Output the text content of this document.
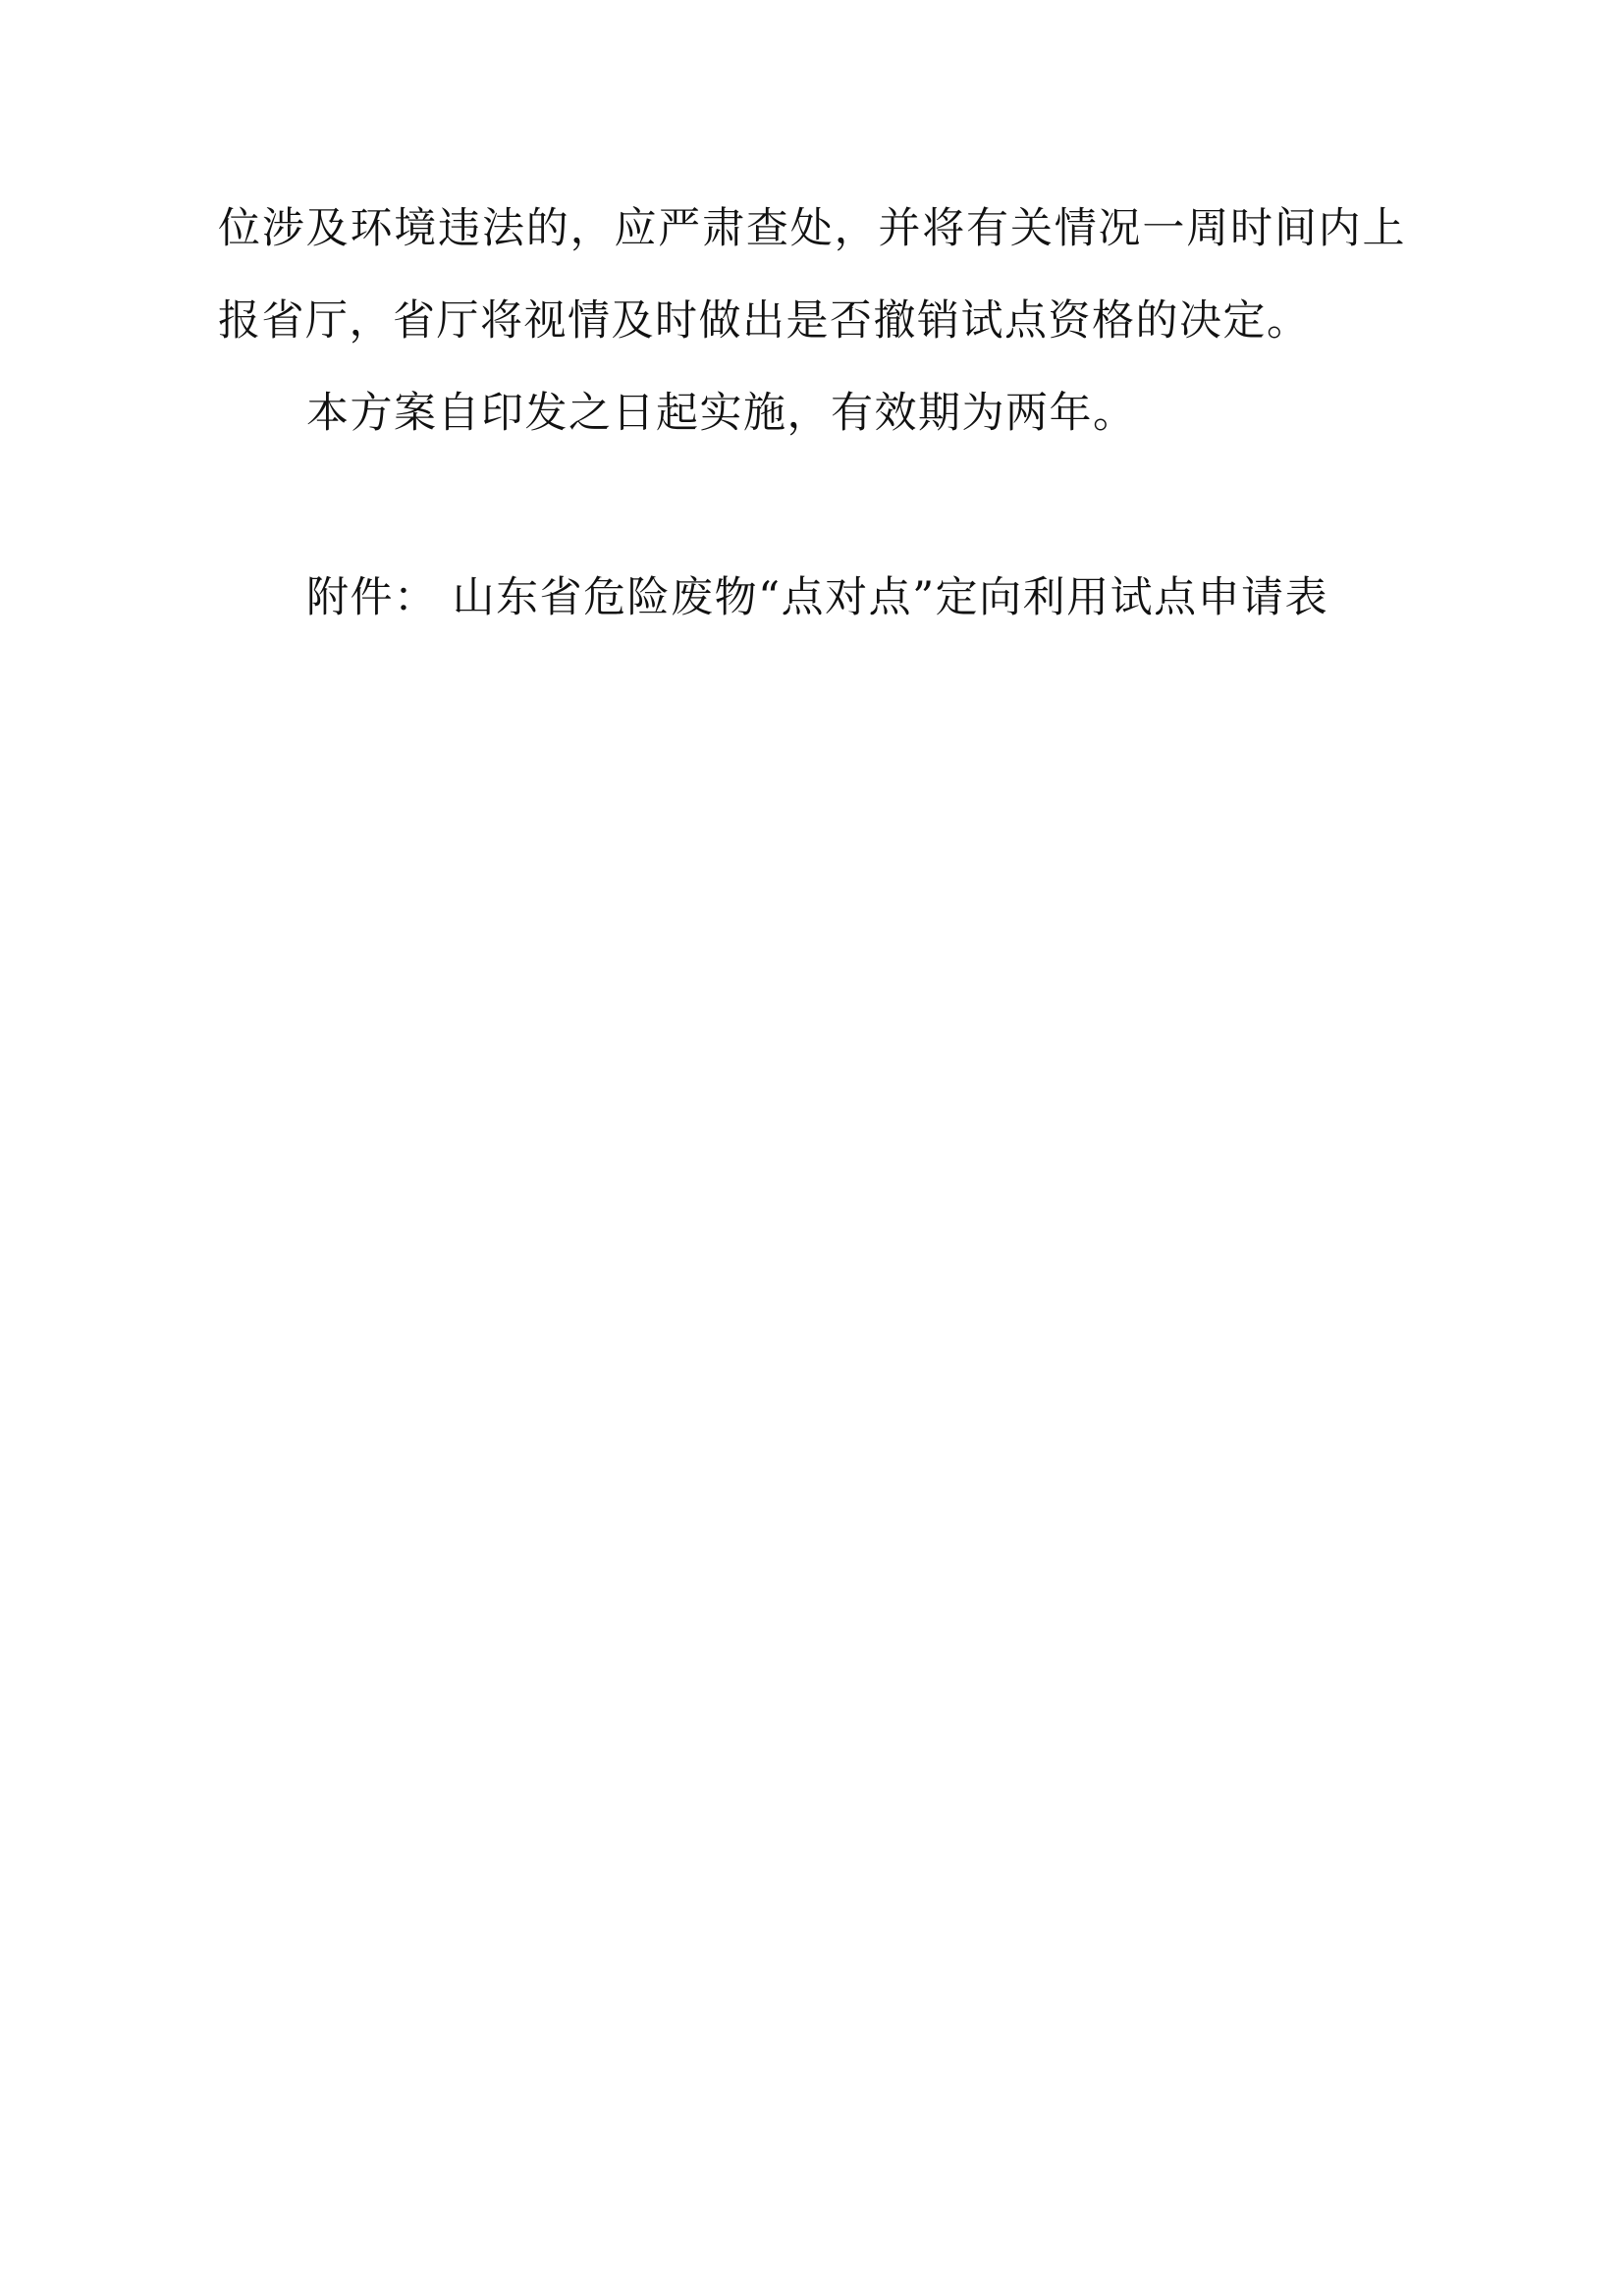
位涉及环境违法的，应严肃查处，并将有关情况一周时间内上报省厅，省厅将视情及时做出是否撤销试点资格的决定。

本方案自印发之日起实施，有效期为两年。

附件： 山东省危险废物“点对点”定向利用试点申请表
